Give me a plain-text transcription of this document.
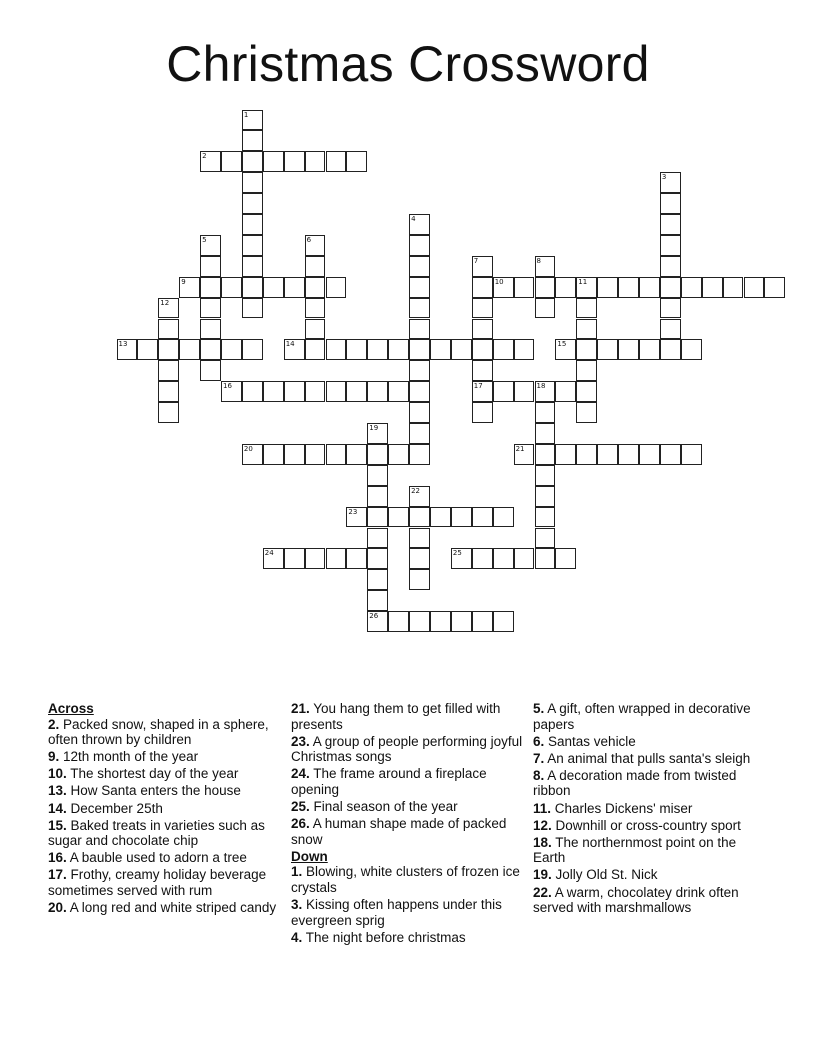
Christmas Crossword
2
9	10
13	14	15
16	17
20	21
23
24	25
26
1
3
4
5	6
7	8
11
12
18
19
22
Across
2. Packed snow, shaped in a sphere, often thrown by children
9. 12th month of the year
10. The shortest day of the year
13. How Santa enters the house
14. December 25th
15. Baked treats in varieties such as sugar and chocolate chip
16. A bauble used to adorn a tree
17. Frothy, creamy holiday beverage sometimes served with rum
20. A long red and white striped candy
21. You hang them to get filled with presents
23. A group of people performing joyful Christmas songs
24. The frame around a fireplace opening
25. Final season of the year
26. A human shape made of packed snow
Down
1. Blowing, white clusters of frozen ice crystals
3. Kissing often happens under this evergreen sprig
4. The night before christmas
5. A gift, often wrapped in decorative papers
6. Santas vehicle
7. An animal that pulls santa's sleigh
8. A decoration made from twisted ribbon
11. Charles Dickens' miser
12. Downhill or cross-country sport
18. The northernmost point on the Earth
19. Jolly Old St. Nick
22. A warm, chocolatey drink often served with marshmallows
